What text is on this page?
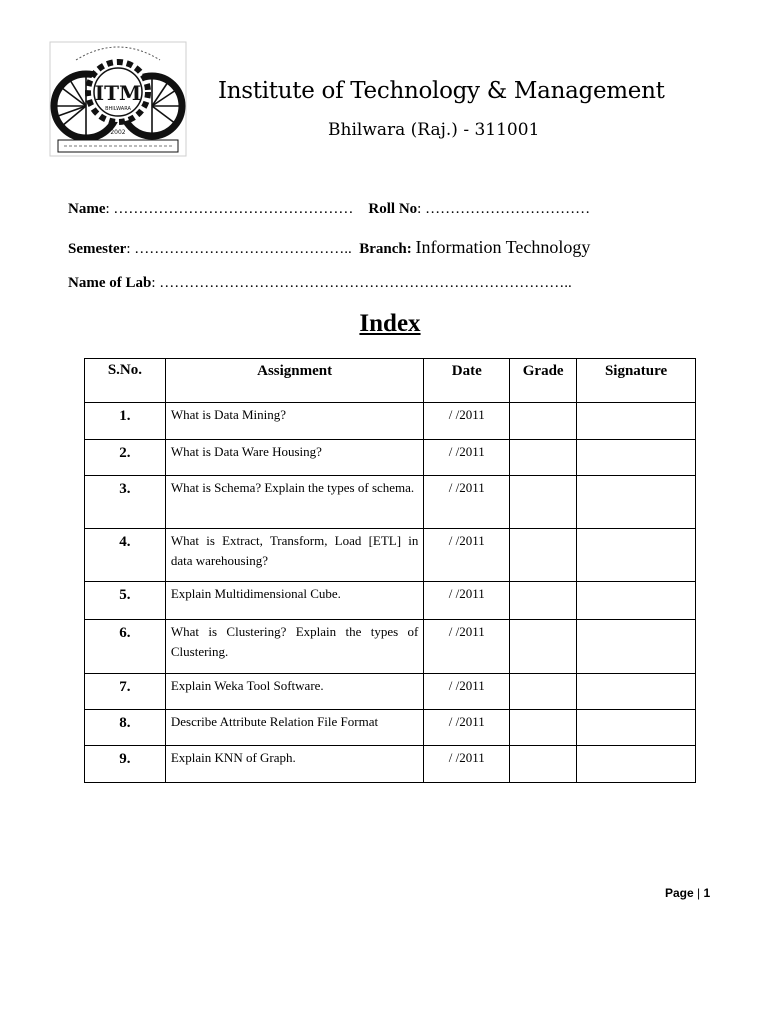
ITM
BHILWARA
2002
Institute of Technology & Management
Bhilwara (Raj.) - 311001
Name: ………………………………………… Roll No: ……………………………
Semester: …………………………………….. Branch: Information Technology
Name of Lab: ………………………………………………………………………..
Index
S.No.	Assignment	Date	Grade	Signature
1.	What is Data Mining?	/ /2011		
2.	What is Data Ware Housing?	/ /2011		
3.	What is Schema? Explain the types of schema.	/ /2011		
4.	What is Extract, Transform, Load [ETL] in data warehousing?	/ /2011		
5.	Explain Multidimensional Cube.	/ /2011		
6.	What is Clustering? Explain the types of Clustering.	/ /2011		
7.	Explain Weka Tool Software.	/ /2011		
8.	Describe Attribute Relation File Format	/ /2011		
9.	Explain KNN of Graph.	/ /2011		
Page | 1
